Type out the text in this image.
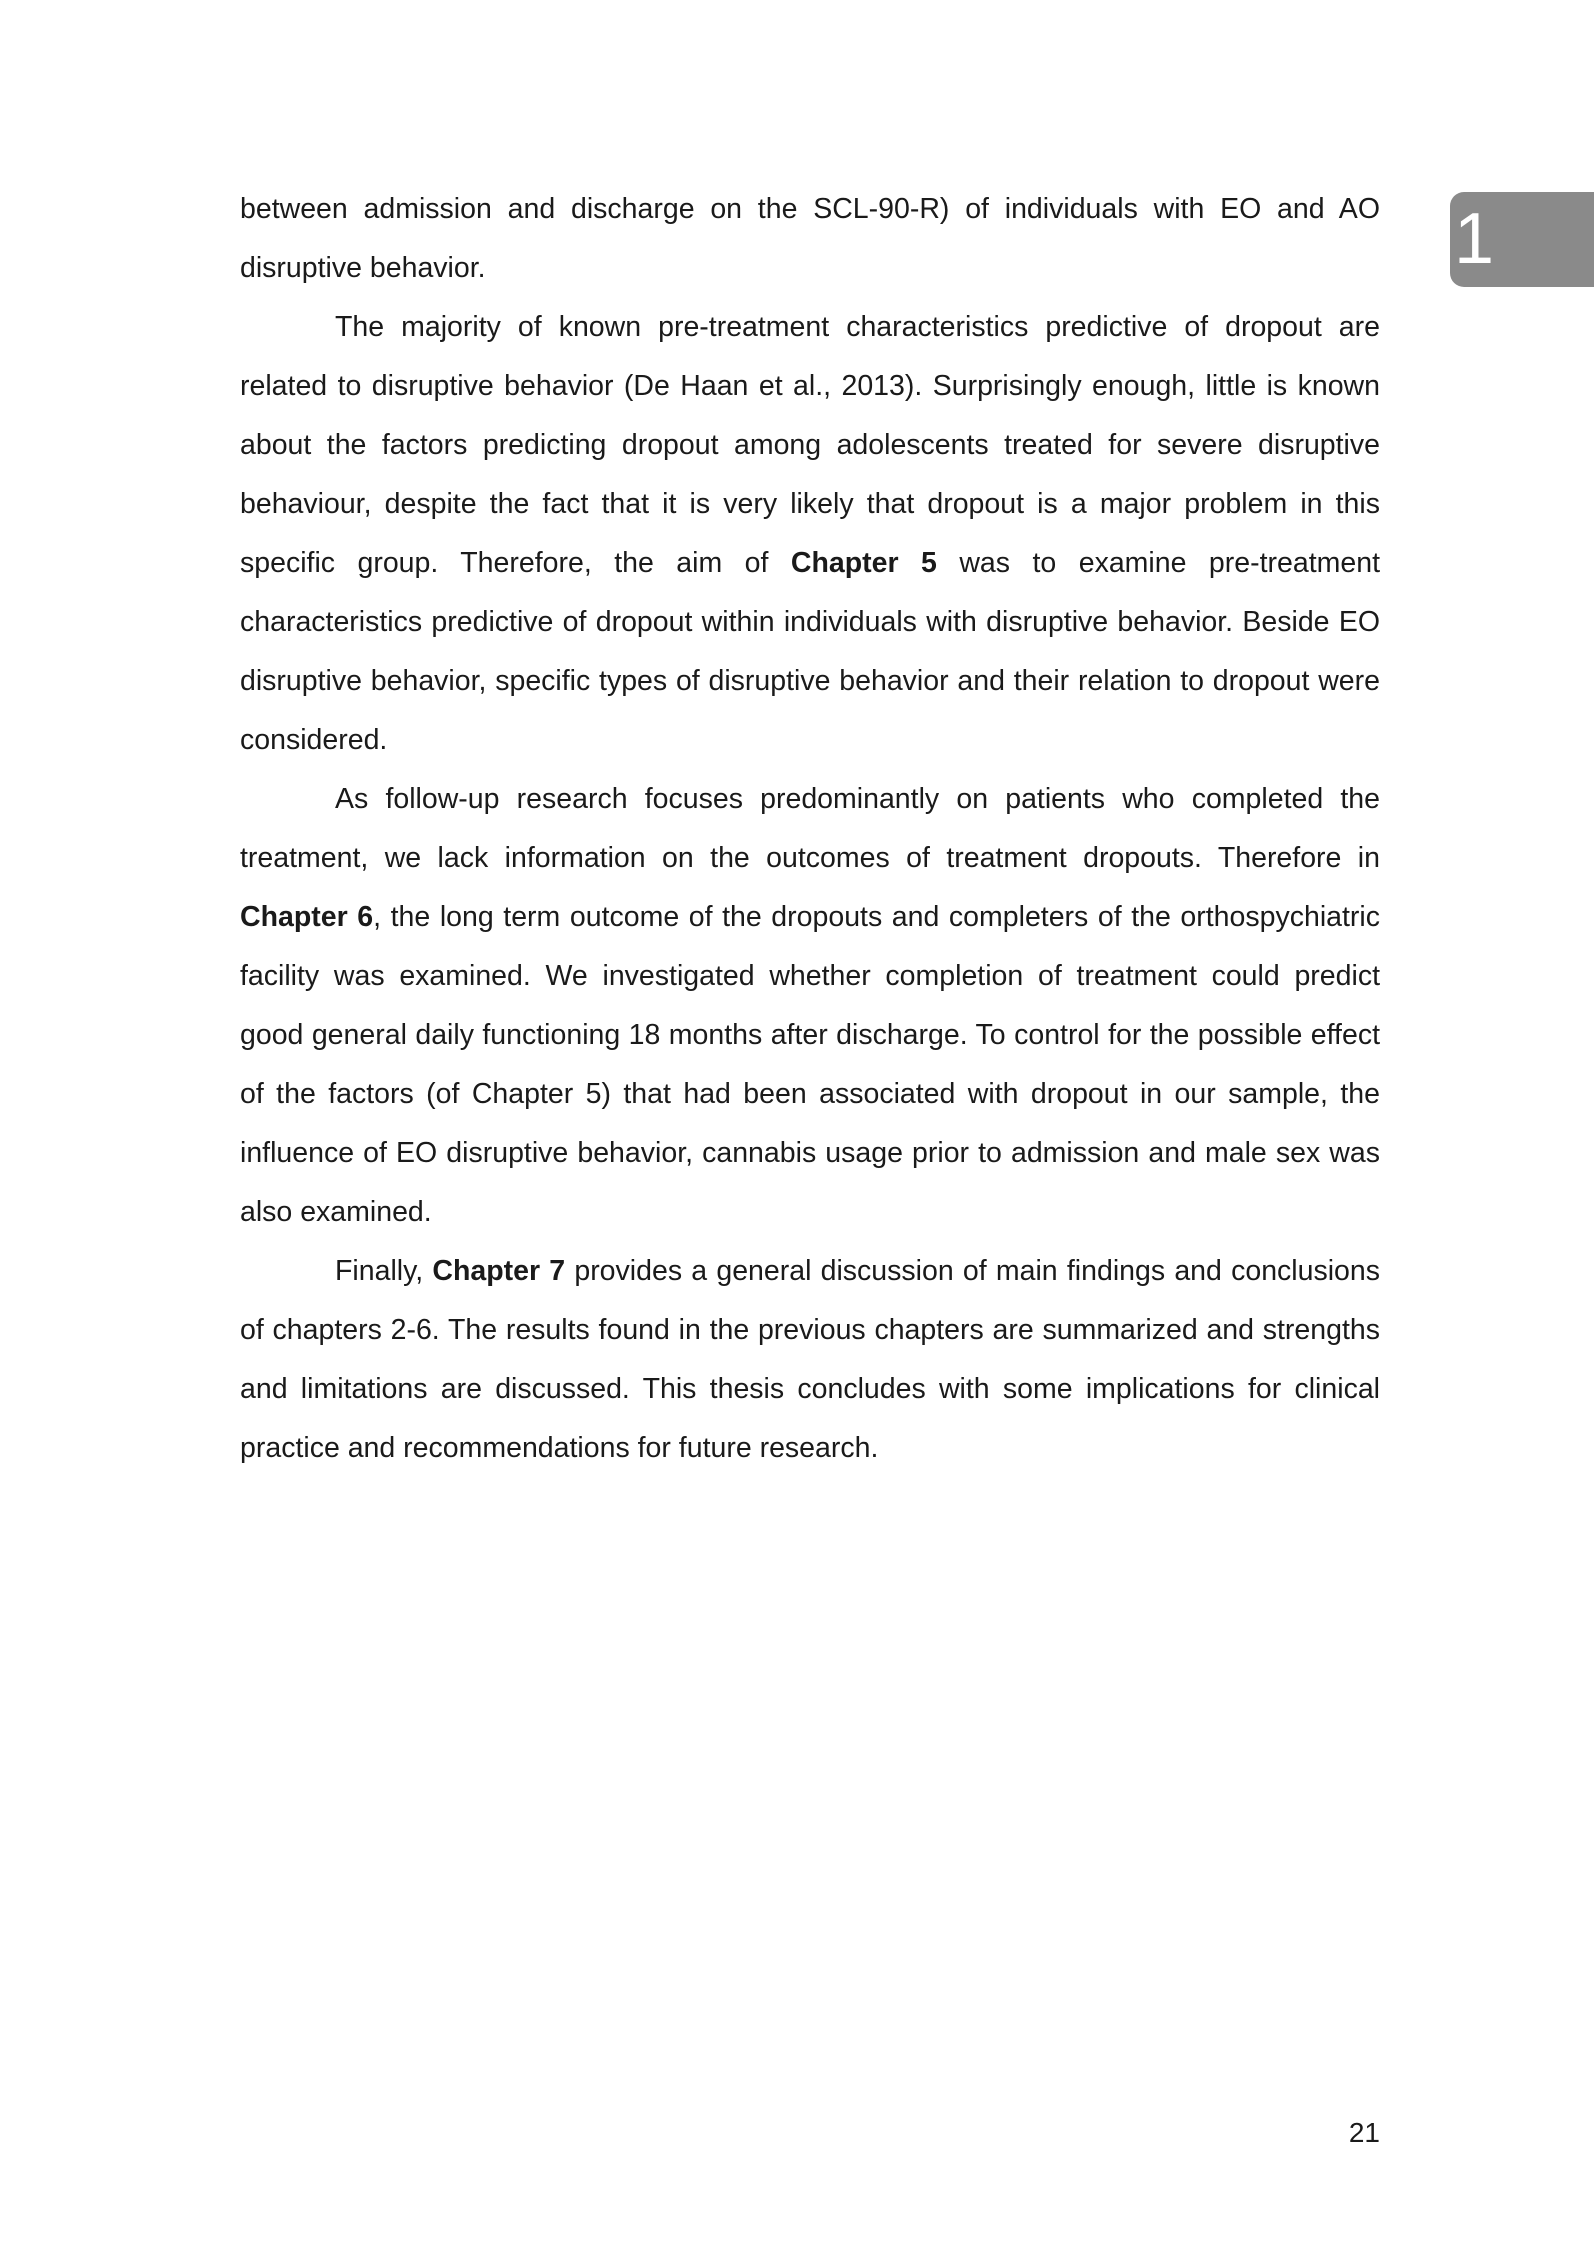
1

between admission and discharge on the SCL-90-R) of individuals with EO and AO disruptive behavior.

The majority of known pre-treatment characteristics predictive of dropout are related to disruptive behavior (De Haan et al., 2013). Surprisingly enough, little is known about the factors predicting dropout among adolescents treated for severe disruptive behaviour, despite the fact that it is very likely that dropout is a major problem in this specific group. Therefore, the aim of Chapter 5 was to examine pre-treatment characteristics predictive of dropout within individuals with disruptive behavior. Beside EO disruptive behavior, specific types of disruptive behavior and their relation to dropout were considered.

As follow-up research focuses predominantly on patients who completed the treatment, we lack information on the outcomes of treatment dropouts. Therefore in Chapter 6, the long term outcome of the dropouts and completers of the orthospychiatric facility was examined. We investigated whether completion of treatment could predict good general daily functioning 18 months after discharge. To control for the possible effect of the factors (of Chapter 5) that had been associated with dropout in our sample, the influence of EO disruptive behavior, cannabis usage prior to admission and male sex was also examined.

Finally, Chapter 7 provides a general discussion of main findings and conclusions of chapters 2-6. The results found in the previous chapters are summarized and strengths and limitations are discussed. This thesis concludes with some implications for clinical practice and recommendations for future research.

21
